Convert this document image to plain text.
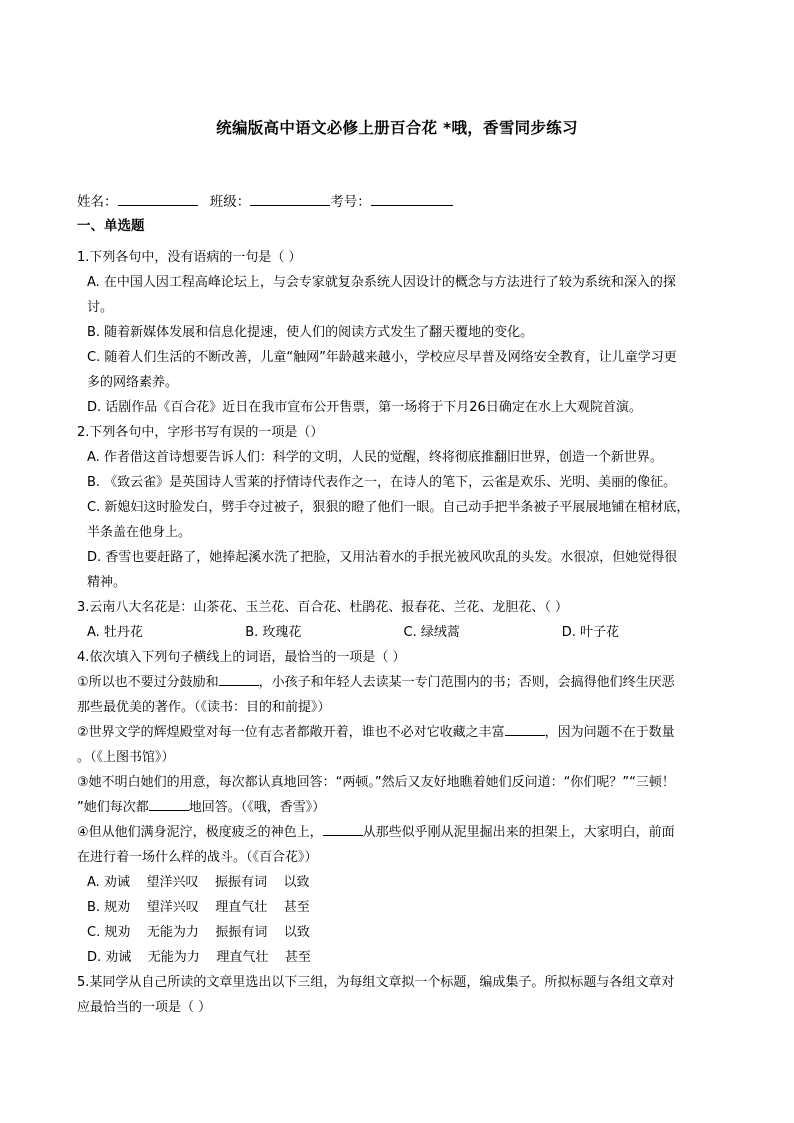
统编版高中语文必修上册百合花 *哦，香雪同步练习
姓名：	班级：	考号：
一、单选题

1.下列各句中，没有语病的一句是（ ）

A. 在中国人因工程高峰论坛上，与会专家就复杂系统人因设计的概念与方法进行了较为系统和深入的探

讨。

B. 随着新媒体发展和信息化提速，使人们的阅读方式发生了翻天覆地的变化。

C. 随着人们生活的不断改善，儿童“触网”年龄越来越小，学校应尽早普及网络安全教育，让儿童学习更

多的网络素养。

D. 话剧作品《百合花》近日在我市宣布公开售票，第一场将于下月26日确定在水上大观院首演。

2.下列各句中，字形书写有误的一项是（）

A. 作者借这首诗想要告诉人们：科学的文明，人民的觉醒，终将彻底推翻旧世界，创造一个新世界。

B. 《致云雀》是英国诗人雪莱的抒情诗代表作之一，在诗人的笔下，云雀是欢乐、光明、美丽的像征。

C. 新媳妇这时脸发白，劈手夺过被子，狠狠的瞪了他们一眼。自己动手把半条被子平展展地铺在棺材底，

半条盖在他身上。

D. 香雪也要赶路了，她捧起溪水洗了把脸，又用沾着水的手抿光被风吹乱的头发。水很凉，但她觉得很

精神。

3.云南八大名花是：山茶花、玉兰花、百合花、杜鹃花、报春花、兰花、龙胆花、（ ）

A. 牡丹花	B. 玫瑰花	C. 绿绒蒿	D. 叶子花

4.依次填入下列句子横线上的词语，最恰当的一项是（ ）

①所以也不要过分鼓励和	，小孩子和年轻人去读某一专门范围内的书；否则，会搞得他们终生厌恶

那些最优美的著作。（《读书：目的和前提》）

②世界文学的辉煌殿堂对每一位有志者都敞开着，谁也不必对它收藏之丰富	，因为问题不在于数量

。（《上图书馆》）

③她不明白她们的用意，每次都认真地回答：“两顿。”然后又友好地瞧着她们反问道：“你们呢？”“三顿！

”她们每次都	地回答。（《哦，香雪》）

④但从他们满身泥泞，极度疲乏的神色上，	从那些似乎刚从泥里掘出来的担架上，大家明白，前面

在进行着一场什么样的战斗。（《百合花》）

A. 劝诫    望洋兴叹    振振有词    以致

B. 规劝    望洋兴叹    理直气壮    甚至

C. 规劝    无能为力    振振有词    以致

D. 劝诫    无能为力    理直气壮    甚至

5.某同学从自己所读的文章里选出以下三组，为每组文章拟一个标题，编成集子。所拟标题与各组文章对

应最恰当的一项是（ ）
